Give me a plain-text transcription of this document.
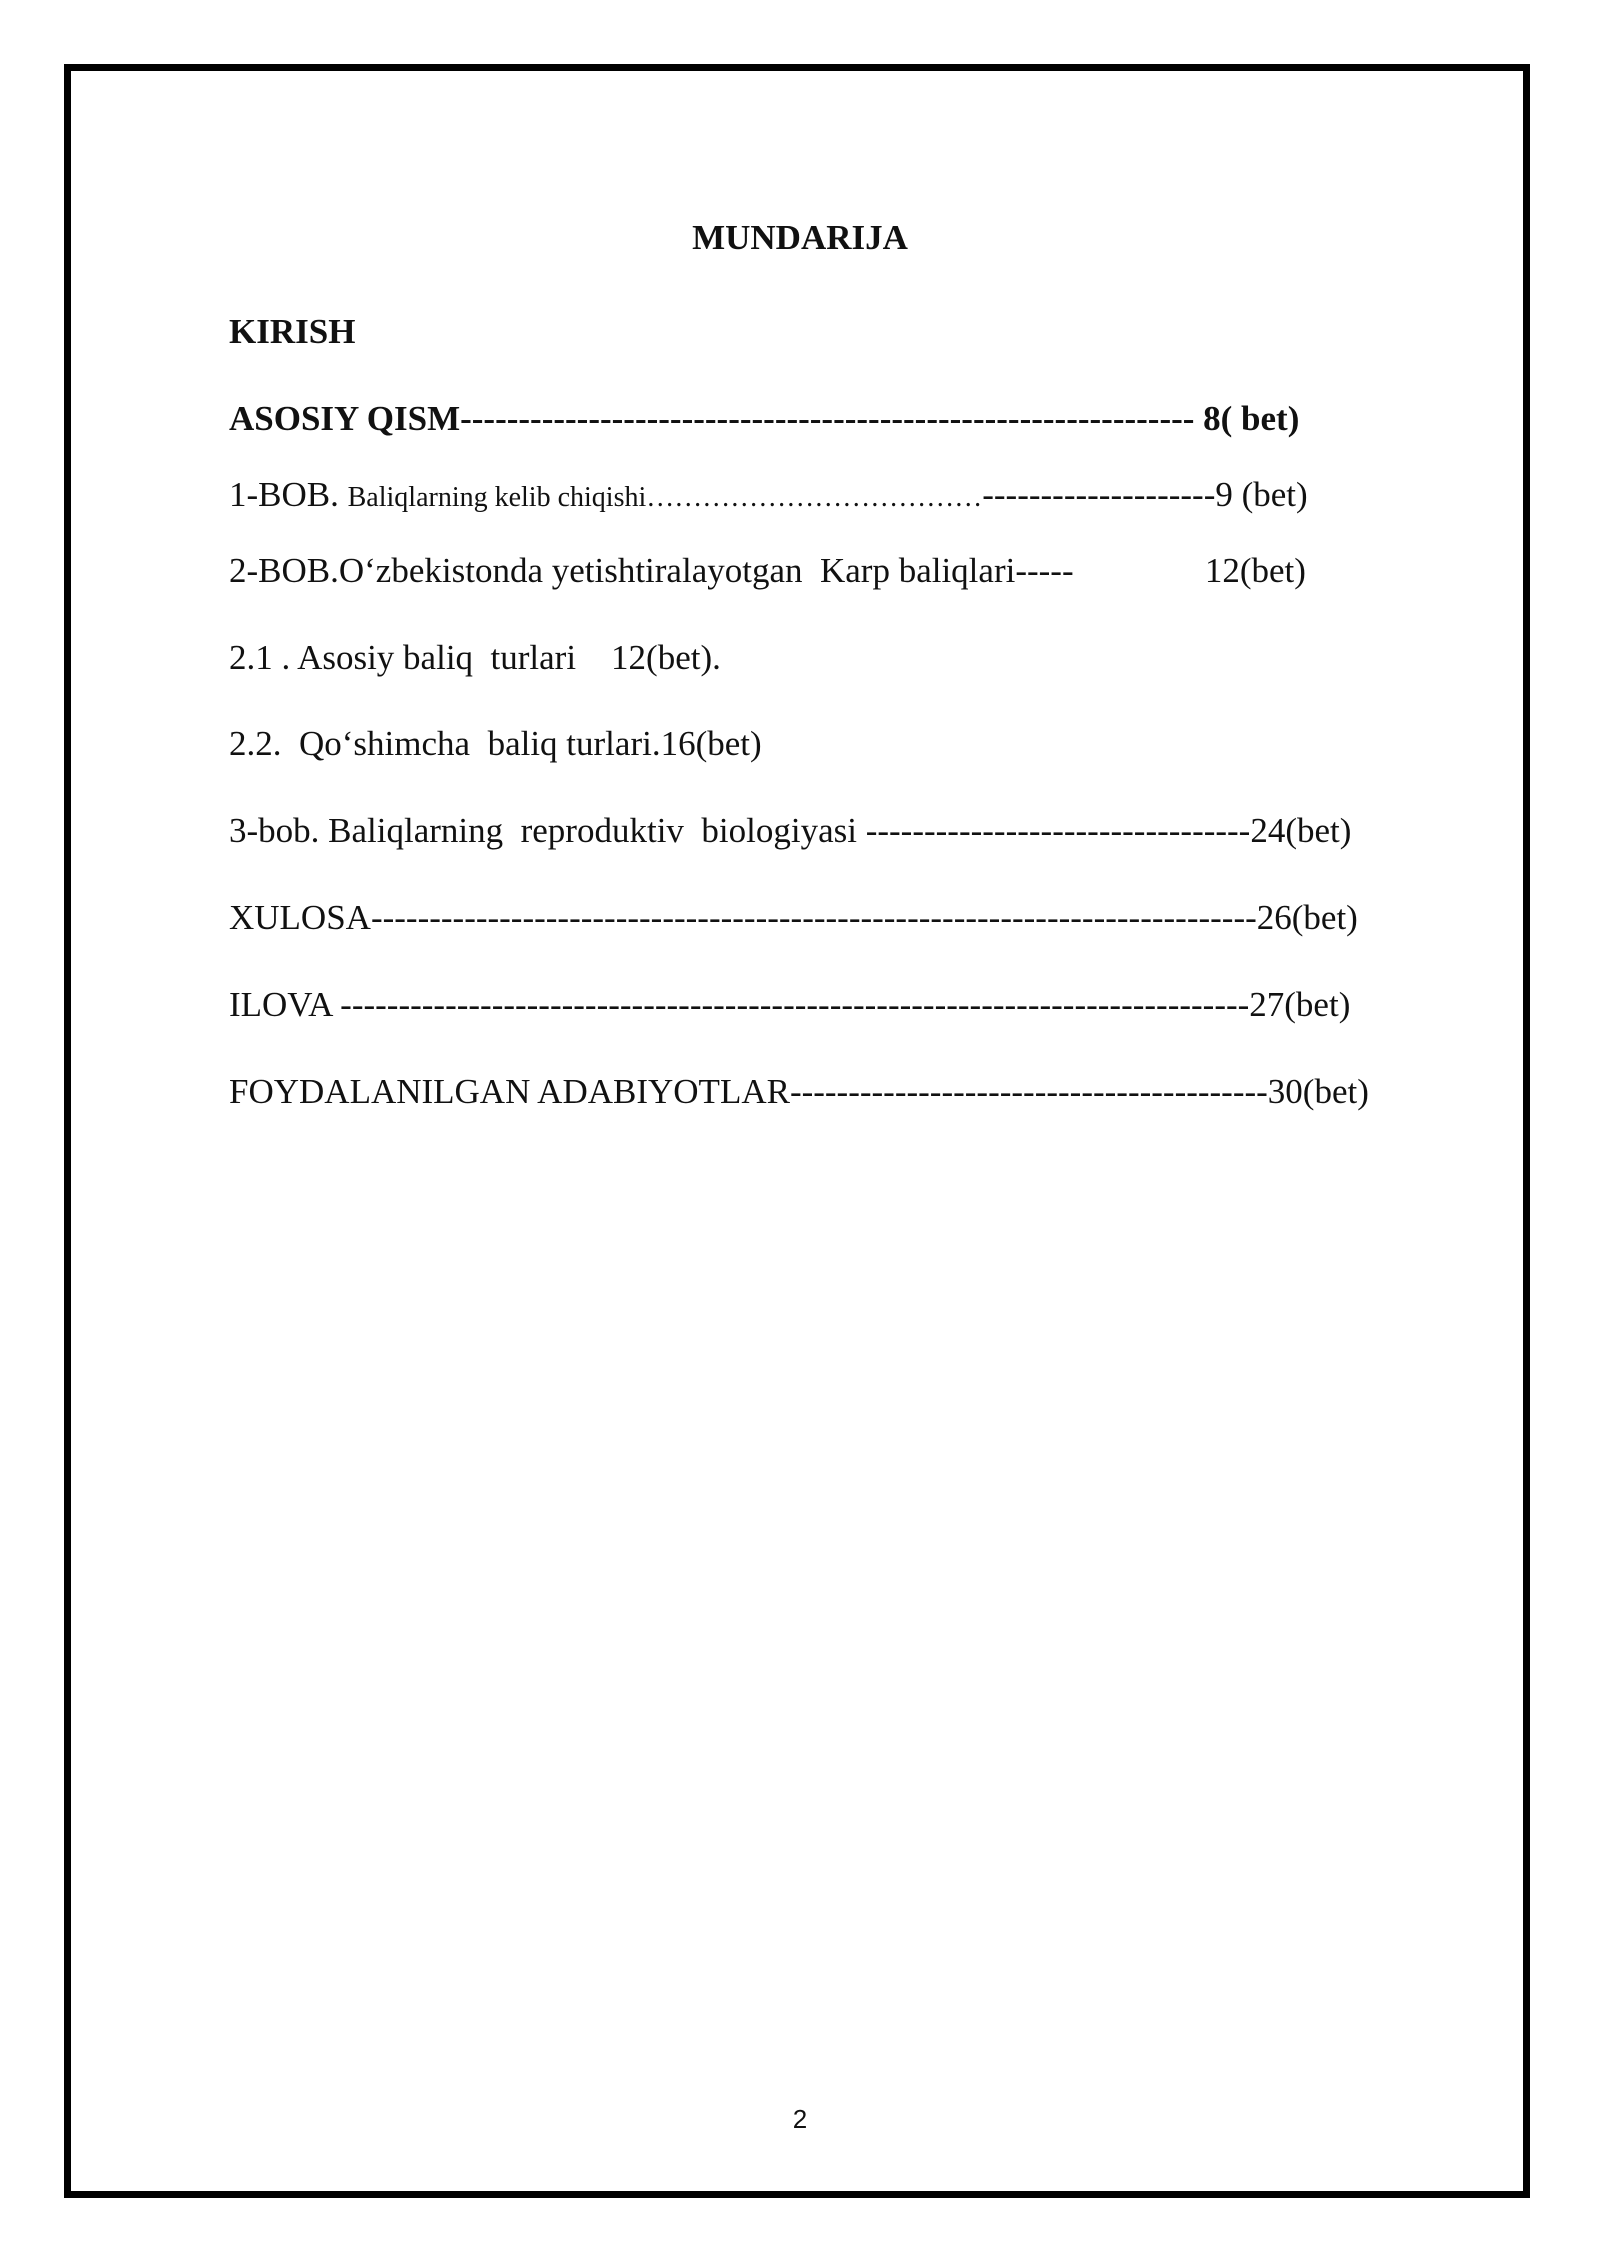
MUNDARIJA
KIRISH
ASOSIY QISM--------------------------------------------------------------- 8( bet)
1-BOB. Baliqlarning kelib chiqishi………………………………--------------------9 (bet)
2-BOB.O‘zbekistonda yetishtiralayotgan  Karp baliqlari-----               12(bet)
2.1 . Asosiy baliq  turlari    12(bet).
2.2.  Qo‘shimcha  baliq turlari.16(bet)
3-bob. Baliqlarning  reproduktiv  biologiyasi ---------------------------------24(bet)
XULOSA----------------------------------------------------------------------------26(bet)
ILOVA ------------------------------------------------------------------------------27(bet)
FOYDALANILGAN ADABIYOTLAR-----------------------------------------30(bet)
2
